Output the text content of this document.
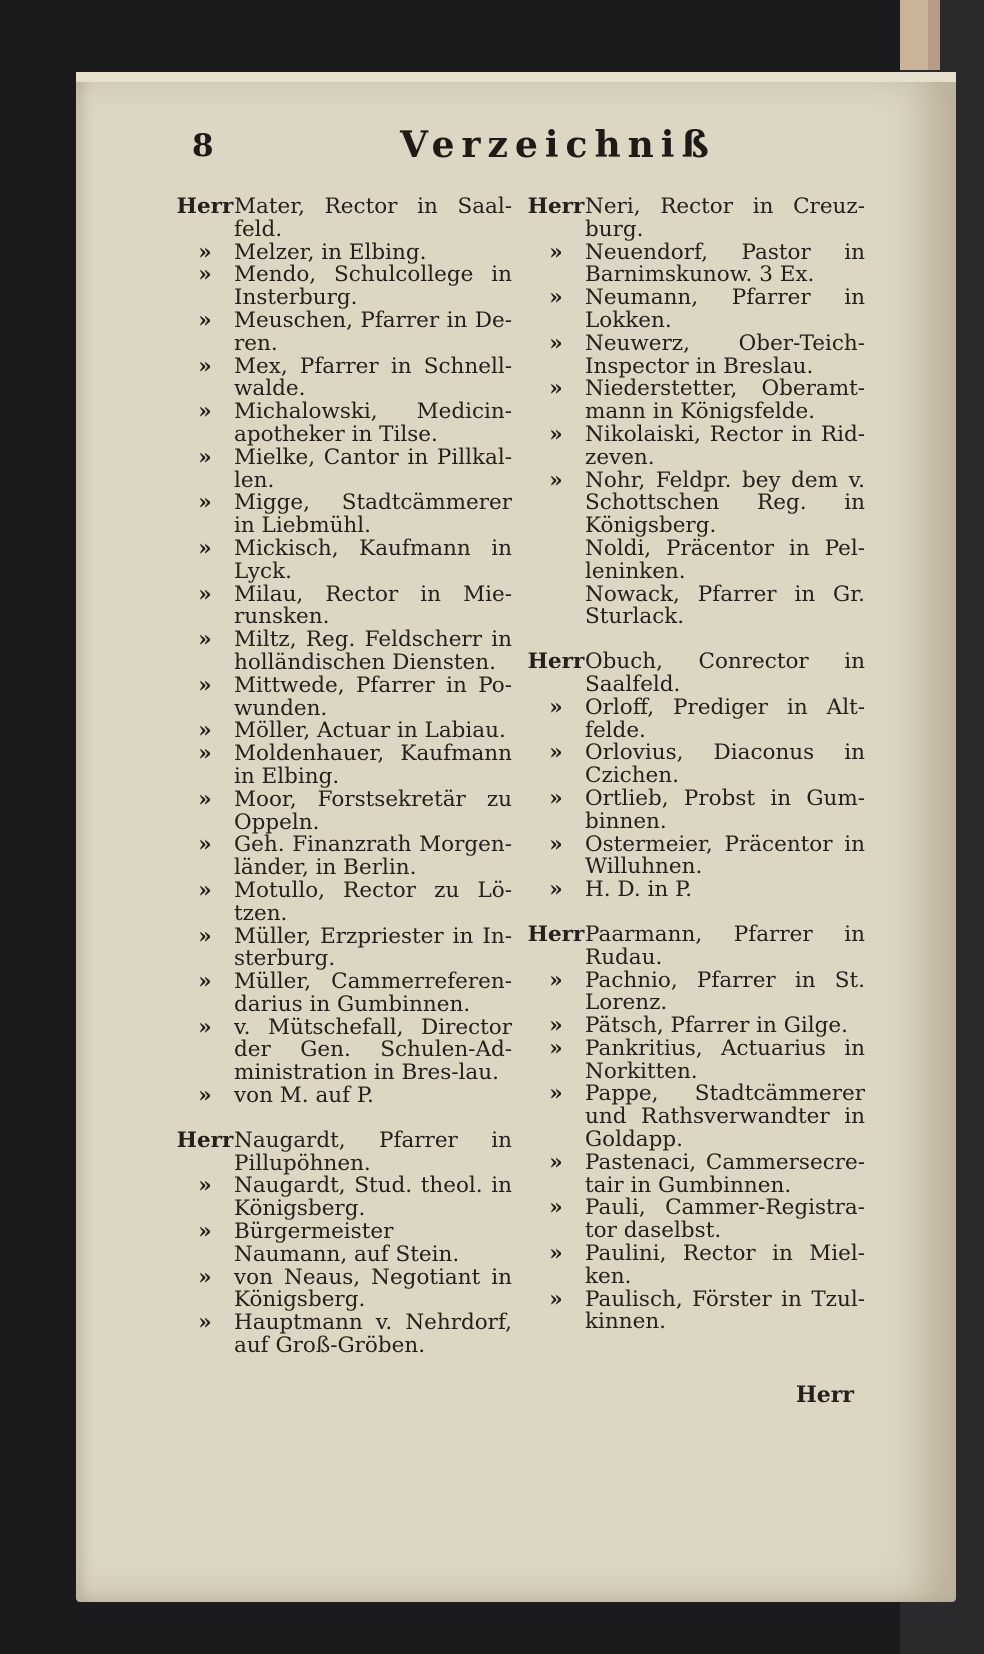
8	Verzeichniß
Herr Mater, Rector in Saal-feld.
»	Melzer, in Elbing.
»	Mendo, Schulcollege in Insterburg.
»	Meuschen, Pfarrer in De-ren.
»	Mex, Pfarrer in Schnell-walde.
»	Michalowski, Medicin-apotheker in Tilse.
»	Mielke, Cantor in Pillkal-len.
»	Migge, Stadtcämmerer in Liebmühl.
»	Mickisch, Kaufmann in Lyck.
»	Milau, Rector in Mie-runsken.
»	Miltz, Reg. Feldscherr in holländischen Diensten.
»	Mittwede, Pfarrer in Po-wunden.
»	Möller, Actuar in Labiau.
»	Moldenhauer, Kaufmann in Elbing.
»	Moor, Forstsekretär zu Oppeln.
»	Geh. Finanzrath Morgen-länder, in Berlin.
»	Motullo, Rector zu Lö-tzen.
»	Müller, Erzpriester in In-sterburg.
»	Müller, Cammerreferen-darius in Gumbinnen.
»	v. Mütschefall, Director der Gen. Schulen-Ad-ministration in Bres-lau.
»	von M. auf P.
Herr Naugardt, Pfarrer in Pillupöhnen.
»	Naugardt, Stud. theol. in Königsberg.
»	Bürgermeister Naumann, auf Stein.
»	von Neaus, Negotiant in Königsberg.
»	Hauptmann v. Nehrdorf, auf Groß-Gröben.
Herr Neri, Rector in Creuz-burg.
»	Neuendorf, Pastor in Barnimskunow. 3 Ex.
»	Neumann, Pfarrer in Lokken.
»	Neuwerz, Ober-Teich-Inspector in Breslau.
»	Niederstetter, Oberamt-mann in Königsfelde.
»	Nikolaiski, Rector in Rid-zeven.
»	Nohr, Feldpr. bey dem v. Schottschen Reg. in Königsberg.
Noldi, Präcentor in Pel-leninken.
Nowack, Pfarrer in Gr. Sturlack.
Herr Obuch, Conrector in Saalfeld.
»	Orloff, Prediger in Alt-felde.
»	Orlovius, Diaconus in Czichen.
»	Ortlieb, Probst in Gum-binnen.
»	Ostermeier, Präcentor in Willuhnen.
»	H. D. in P.
Herr Paarmann, Pfarrer in Rudau.
»	Pachnio, Pfarrer in St. Lorenz.
»	Pätsch, Pfarrer in Gilge.
»	Pankritius, Actuarius in Norkitten.
»	Pappe, Stadtcämmerer und Rathsverwandter in Goldapp.
»	Pastenaci, Cammersecre-tair in Gumbinnen.
»	Pauli, Cammer-Registra-tor daselbst.
»	Paulini, Rector in Miel-ken.
»	Paulisch, Förster in Tzul-kinnen.
Herr
